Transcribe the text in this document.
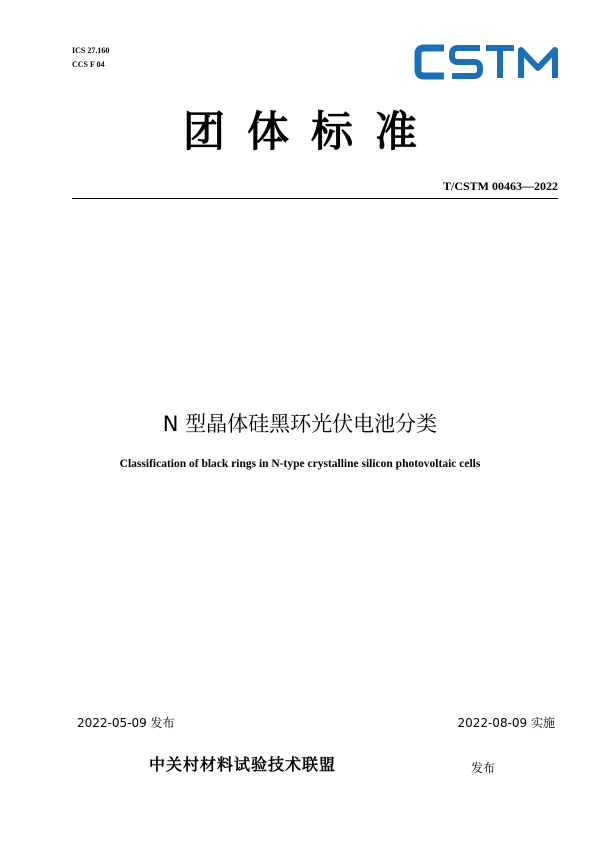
ICS 27.160
CCS F 04
团体标准
T/CSTM 00463—2022
N 型晶体硅黑环光伏电池分类
Classification of black rings in N-type crystalline silicon photovoltaic cells
2022-05-09 发布	2022-08-09 实施
中关村材料试验技术联盟	发布
